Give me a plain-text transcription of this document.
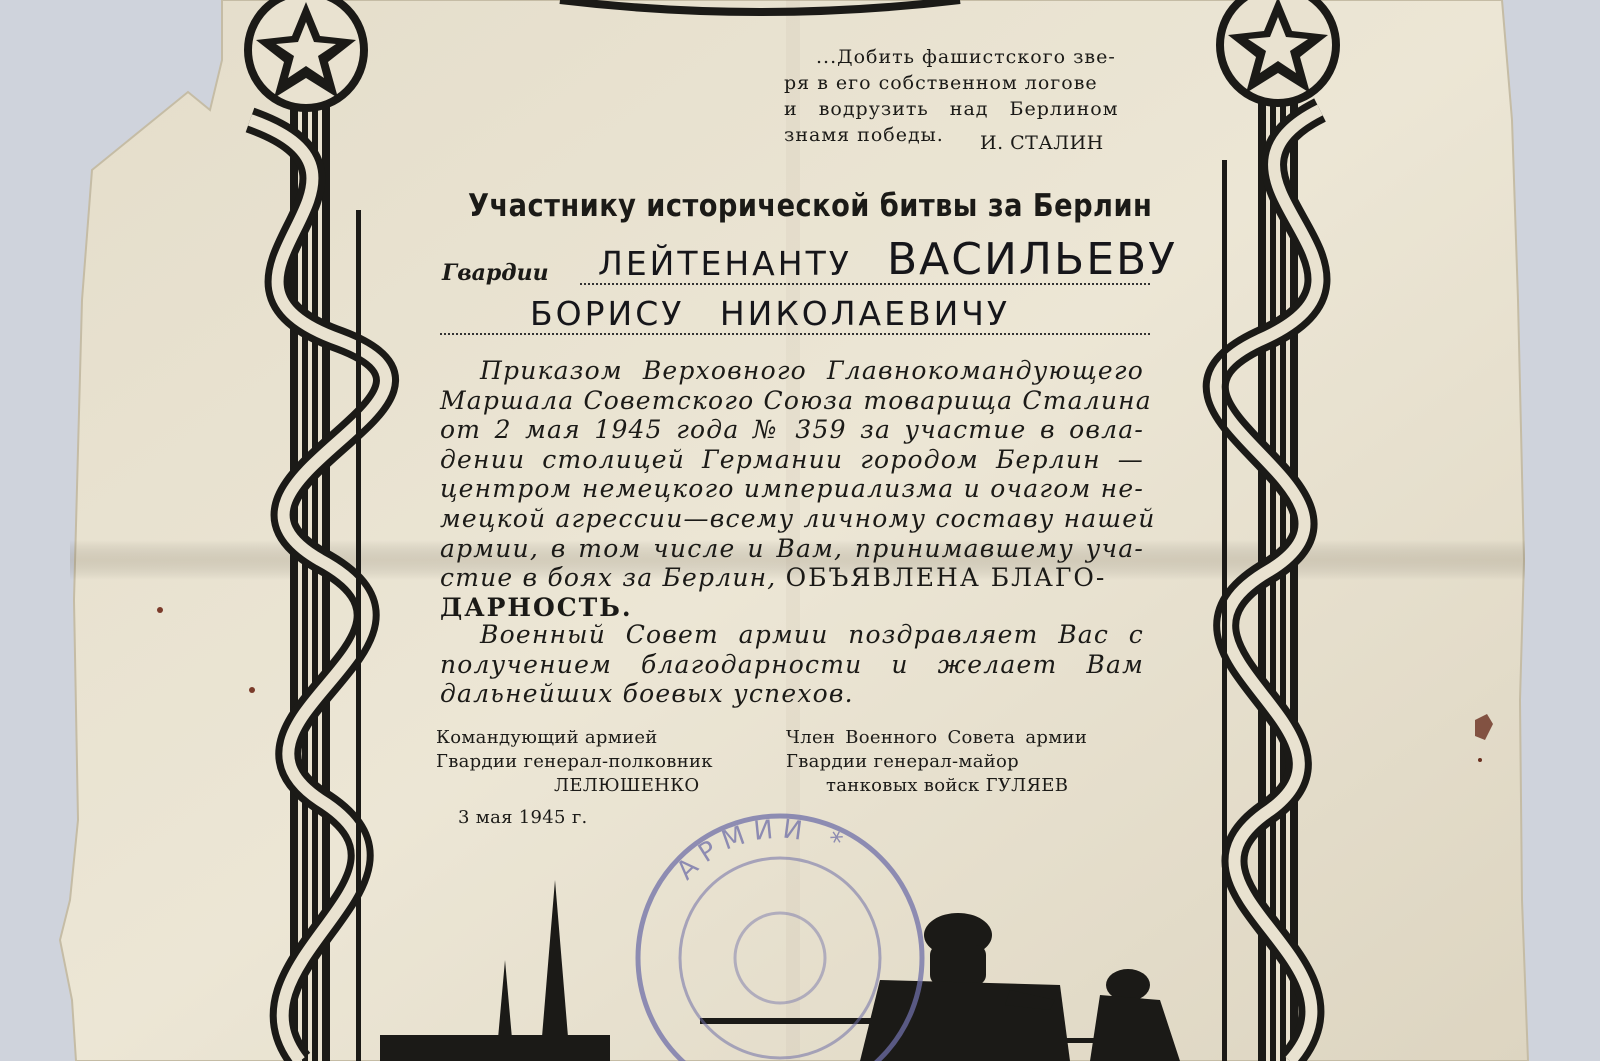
АРМИИ *
...Добить фашистского зве-
ря в его собственном логове
и водрузить над Берлином
знамя победы.	И. СТАЛИН
Участнику исторической битвы за Берлин
Гвардии ЛЕЙТЕНАНТУ ВАСИЛЬЕВУ
БОРИСУ НИКОЛАЕВИЧУ
Приказом Верховного Главнокомандующего
Маршала Советского Союза товарища Сталина
от 2 мая 1945 года № 359 за участие в овла-
дении столицей Германии городом Берлин —
центром немецкого империализма и очагом не-
мецкой агрессии—всему личному составу нашей
армии, в том числе и Вам, принимавшему уча-
стие в боях за Берлин, ОБЪЯВЛЕНА БЛАГО-
ДАРНОСТЬ.
Военный Совет армии поздравляет Вас с
получением благодарности и желает Вам
дальнейших боевых успехов.
Командующий армией
Гвардии генерал-полковник
ЛЕЛЮШЕНКО
Член Военного Совета армии
Гвардии генерал-майор
танковых войск ГУЛЯЕВ
3 мая 1945 г.
